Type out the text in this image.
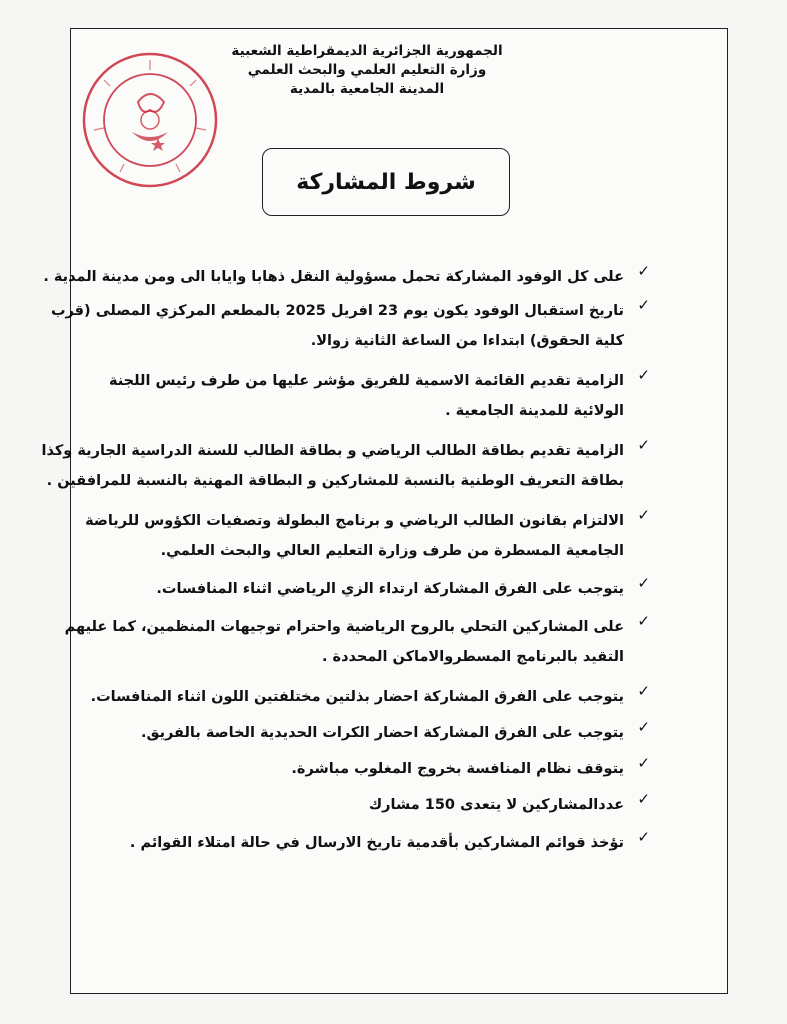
الجمهورية الجزائرية الديمقراطية الشعبية
وزارة التعليم العلمي والبحث العلمي
المدينة الجامعية بالمدية
شروط المشاركة
✓
على كل الوفود المشاركة تحمل مسؤولية النقل ذهابا وايابا الى ومن مدينة المدية .
✓
تاريخ استقبال الوفود يكون يوم 23 افريل 2025 بالمطعم المركزي المصلى (قرب
كلية الحقوق) ابتداءا من الساعة الثانية زوالا.
✓
الزامية تقديم القائمة الاسمية للفريق مؤشر عليها من طرف رئيس اللجنة
الولائية للمدينة الجامعية .
✓
الزامية تقديم بطاقة الطالب الرياضي و بطاقة الطالب للسنة الدراسية الجارية وكذا
بطاقة التعريف الوطنية بالنسبة للمشاركين و البطاقة المهنية بالنسبة للمرافقين .
✓
الالتزام بقانون الطالب الرياضي و برنامج البطولة وتصفيات الكؤوس للرياضة
الجامعية المسطرة من طرف وزارة التعليم العالي والبحث العلمي.
✓
يتوجب على الفرق المشاركة ارتداء الزي الرياضي اثناء المنافسات.
✓
على المشاركين التحلي بالروح الرياضية واحترام توجيهات المنظمين، كما عليهم
التقيد بالبرنامج المسطروالاماكن المحددة .
✓
يتوجب على الفرق المشاركة احضار بذلتين مختلفتين اللون اثناء المنافسات.
✓
يتوجب على الفرق المشاركة احضار الكرات الحديدية الخاصة بالفريق.
✓
يتوقف نظام المنافسة بخروج المغلوب مباشرة.
✓
عددالمشاركين لا يتعدى 150 مشارك
✓
تؤخذ قوائم المشاركين بأقدمية تاريخ الارسال في حالة امتلاء القوائم .
